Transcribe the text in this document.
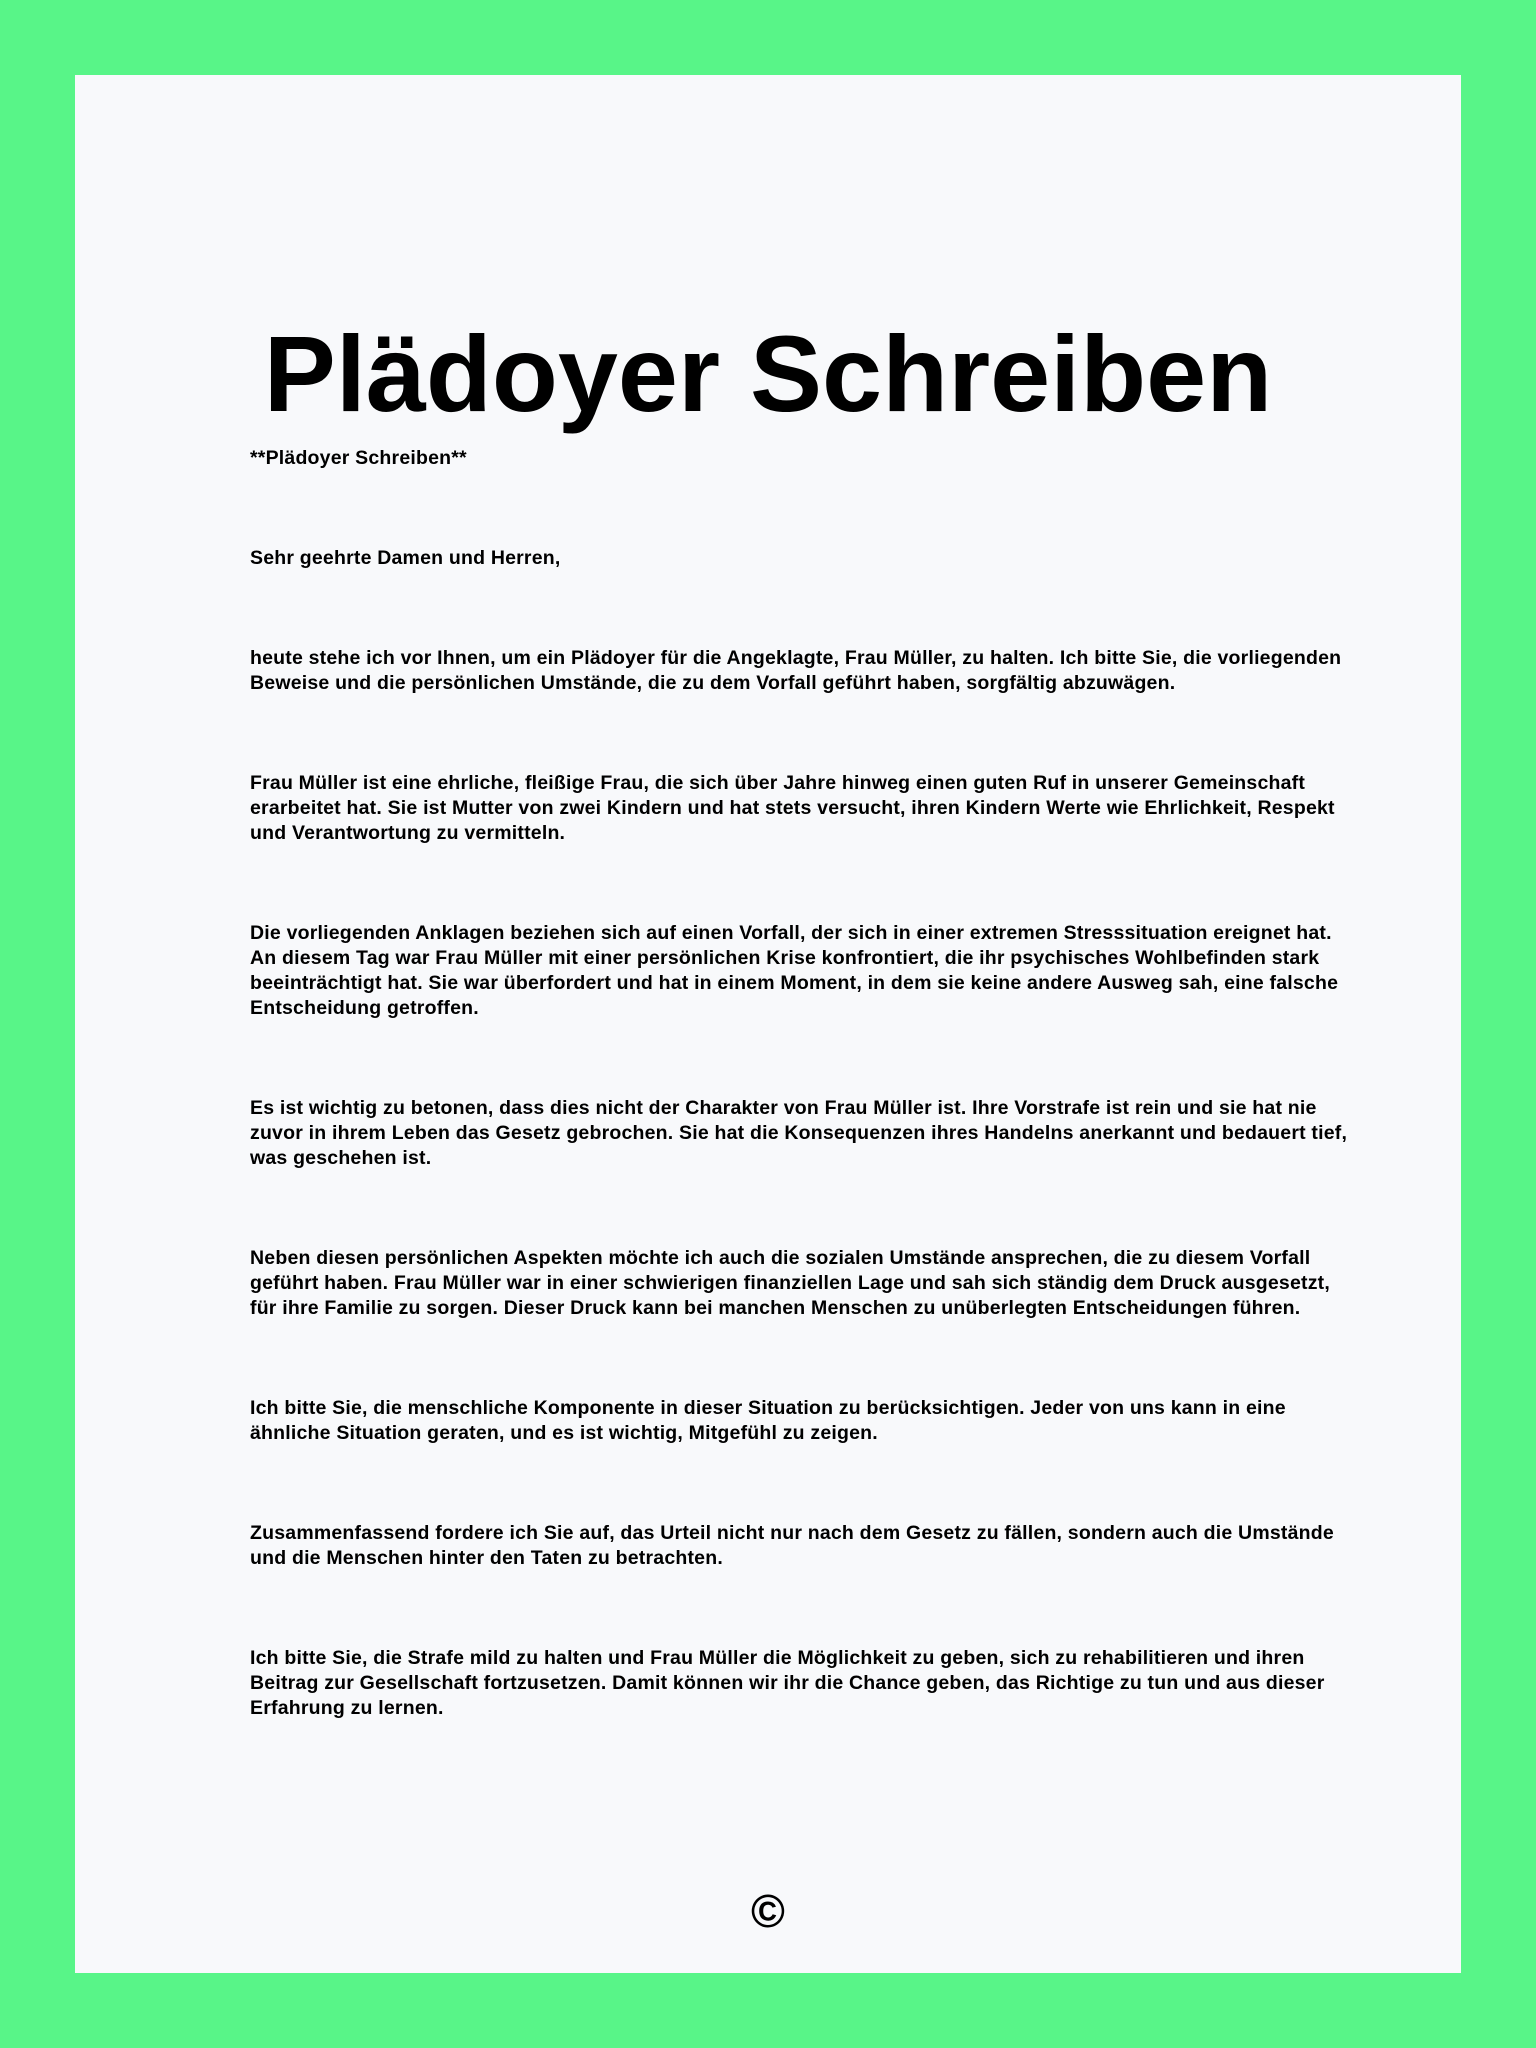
Plädoyer Schreiben

**Plädoyer Schreiben**

Sehr geehrte Damen und Herren,

heute stehe ich vor Ihnen, um ein Plädoyer für die Angeklagte, Frau Müller, zu halten. Ich bitte Sie, die vorliegenden Beweise und die persönlichen Umstände, die zu dem Vorfall geführt haben, sorgfältig abzuwägen.

Frau Müller ist eine ehrliche, fleißige Frau, die sich über Jahre hinweg einen guten Ruf in unserer Gemeinschaft erarbeitet hat. Sie ist Mutter von zwei Kindern und hat stets versucht, ihren Kindern Werte wie Ehrlichkeit, Respekt und Verantwortung zu vermitteln.

Die vorliegenden Anklagen beziehen sich auf einen Vorfall, der sich in einer extremen Stresssituation ereignet hat. An diesem Tag war Frau Müller mit einer persönlichen Krise konfrontiert, die ihr psychisches Wohlbefinden stark beeinträchtigt hat. Sie war überfordert und hat in einem Moment, in dem sie keine andere Ausweg sah, eine falsche Entscheidung getroffen.

Es ist wichtig zu betonen, dass dies nicht der Charakter von Frau Müller ist. Ihre Vorstrafe ist rein und sie hat nie zuvor in ihrem Leben das Gesetz gebrochen. Sie hat die Konsequenzen ihres Handelns anerkannt und bedauert tief, was geschehen ist.

Neben diesen persönlichen Aspekten möchte ich auch die sozialen Umstände ansprechen, die zu diesem Vorfall geführt haben. Frau Müller war in einer schwierigen finanziellen Lage und sah sich ständig dem Druck ausgesetzt, für ihre Familie zu sorgen. Dieser Druck kann bei manchen Menschen zu unüberlegten Entscheidungen führen.

Ich bitte Sie, die menschliche Komponente in dieser Situation zu berücksichtigen. Jeder von uns kann in eine ähnliche Situation geraten, und es ist wichtig, Mitgefühl zu zeigen.

Zusammenfassend fordere ich Sie auf, das Urteil nicht nur nach dem Gesetz zu fällen, sondern auch die Umstände und die Menschen hinter den Taten zu betrachten.

Ich bitte Sie, die Strafe mild zu halten und Frau Müller die Möglichkeit zu geben, sich zu rehabilitieren und ihren Beitrag zur Gesellschaft fortzusetzen. Damit können wir ihr die Chance geben, das Richtige zu tun und aus dieser Erfahrung zu lernen.

©
